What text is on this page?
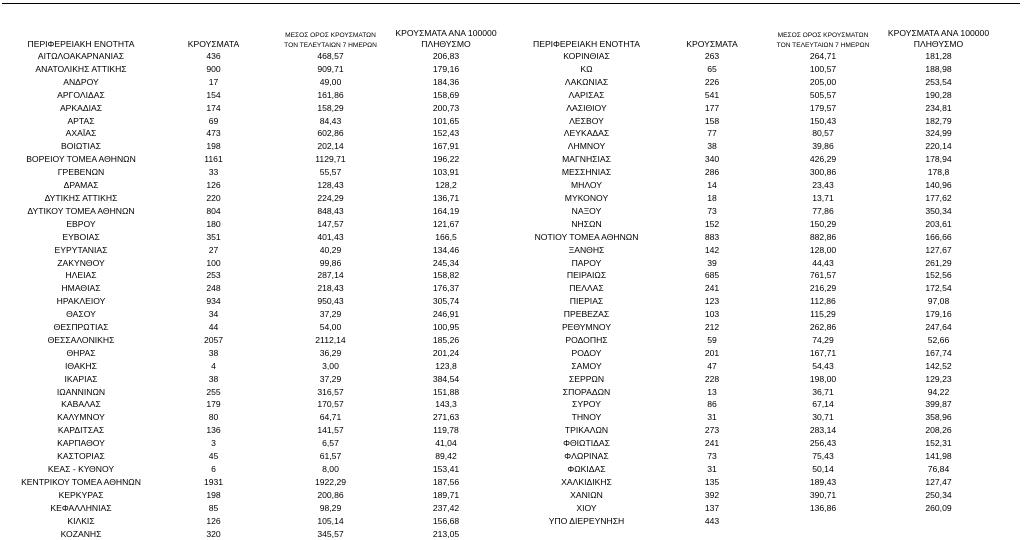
ΠΕΡΙΦΕΡΕΙΑΚΗ ΕΝΟΤΗΤΑ	ΚΡΟΥΣΜΑΤΑ	ΜΕΣΟΣ ΟΡΟΣ ΚΡΟΥΣΜΑΤΩΝ
ΤΟΝ ΤΕΛΕΥΤΑΙΩΝ 7 ΗΜΕΡΩΝ	ΚΡΟΥΣΜΑΤΑ ΑΝΑ 100000
ΠΛΗΘΥΣΜΟ
ΑΙΤΩΛΟΑΚΑΡΝΑΝΙΑΣ	436	468,57	206,83
ΑΝΑΤΟΛΙΚΗΣ ΑΤΤΙΚΗΣ	900	909,71	179,16
ΑΝΔΡΟΥ	17	49,00	184,36
ΑΡΓΟΛΙΔΑΣ	154	161,86	158,69
ΑΡΚΑΔΙΑΣ	174	158,29	200,73
ΑΡΤΑΣ	69	84,43	101,65
ΑΧΑΪΑΣ	473	602,86	152,43
ΒΟΙΩΤΙΑΣ	198	202,14	167,91
ΒΟΡΕΙΟΥ ΤΟΜΕΑ ΑΘΗΝΩΝ	1161	1129,71	196,22
ΓΡΕΒΕΝΩΝ	33	55,57	103,91
ΔΡΑΜΑΣ	126	128,43	128,2
ΔΥΤΙΚΗΣ ΑΤΤΙΚΗΣ	220	224,29	136,71
ΔΥΤΙΚΟΥ ΤΟΜΕΑ ΑΘΗΝΩΝ	804	848,43	164,19
ΕΒΡΟΥ	180	147,57	121,67
ΕΥΒΟΙΑΣ	351	401,43	166,5
ΕΥΡΥΤΑΝΙΑΣ	27	40,29	134,46
ΖΑΚΥΝΘΟΥ	100	99,86	245,34
ΗΛΕΙΑΣ	253	287,14	158,82
ΗΜΑΘΙΑΣ	248	218,43	176,37
ΗΡΑΚΛΕΙΟΥ	934	950,43	305,74
ΘΑΣΟΥ	34	37,29	246,91
ΘΕΣΠΡΩΤΙΑΣ	44	54,00	100,95
ΘΕΣΣΑΛΟΝΙΚΗΣ	2057	2112,14	185,26
ΘΗΡΑΣ	38	36,29	201,24
ΙΘΑΚΗΣ	4	3,00	123,8
ΙΚΑΡΙΑΣ	38	37,29	384,54
ΙΩΑΝΝΙΝΩΝ	255	316,57	151,88
ΚΑΒΑΛΑΣ	179	170,57	143,3
ΚΑΛΥΜΝΟΥ	80	64,71	271,63
ΚΑΡΔΙΤΣΑΣ	136	141,57	119,78
ΚΑΡΠΑΘΟΥ	3	6,57	41,04
ΚΑΣΤΟΡΙΑΣ	45	61,57	89,42
ΚΕΑΣ - ΚΥΘΝΟΥ	6	8,00	153,41
ΚΕΝΤΡΙΚΟΥ ΤΟΜΕΑ ΑΘΗΝΩΝ	1931	1922,29	187,56
ΚΕΡΚΥΡΑΣ	198	200,86	189,71
ΚΕΦΑΛΛΗΝΙΑΣ	85	98,29	237,42
ΚΙΛΚΙΣ	126	105,14	156,68
ΚΟΖΑΝΗΣ	320	345,57	213,05
ΠΕΡΙΦΕΡΕΙΑΚΗ ΕΝΟΤΗΤΑ	ΚΡΟΥΣΜΑΤΑ	ΜΕΣΟΣ ΟΡΟΣ ΚΡΟΥΣΜΑΤΩΝ
ΤΟΝ ΤΕΛΕΥΤΑΙΩΝ 7 ΗΜΕΡΩΝ	ΚΡΟΥΣΜΑΤΑ ΑΝΑ 100000
ΠΛΗΘΥΣΜΟ
ΚΟΡΙΝΘΙΑΣ	263	264,71	181,28
ΚΩ	65	100,57	188,98
ΛΑΚΩΝΙΑΣ	226	205,00	253,54
ΛΑΡΙΣΑΣ	541	505,57	190,28
ΛΑΣΙΘΙΟΥ	177	179,57	234,81
ΛΕΣΒΟΥ	158	150,43	182,79
ΛΕΥΚΑΔΑΣ	77	80,57	324,99
ΛΗΜΝΟΥ	38	39,86	220,14
ΜΑΓΝΗΣΙΑΣ	340	426,29	178,94
ΜΕΣΣΗΝΙΑΣ	286	300,86	178,8
ΜΗΛΟΥ	14	23,43	140,96
ΜΥΚΟΝΟΥ	18	13,71	177,62
ΝΑΞΟΥ	73	77,86	350,34
ΝΗΣΩΝ	152	150,29	203,61
ΝΟΤΙΟΥ ΤΟΜΕΑ ΑΘΗΝΩΝ	883	882,86	166,66
ΞΑΝΘΗΣ	142	128,00	127,67
ΠΑΡΟΥ	39	44,43	261,29
ΠΕΙΡΑΙΩΣ	685	761,57	152,56
ΠΕΛΛΑΣ	241	216,29	172,54
ΠΙΕΡΙΑΣ	123	112,86	97,08
ΠΡΕΒΕΖΑΣ	103	115,29	179,16
ΡΕΘΥΜΝΟΥ	212	262,86	247,64
ΡΟΔΟΠΗΣ	59	74,29	52,66
ΡΟΔΟΥ	201	167,71	167,74
ΣΑΜΟΥ	47	54,43	142,52
ΣΕΡΡΩΝ	228	198,00	129,23
ΣΠΟΡΑΔΩΝ	13	36,71	94,22
ΣΥΡΟΥ	86	67,14	399,87
ΤΗΝΟΥ	31	30,71	358,96
ΤΡΙΚΑΛΩΝ	273	283,14	208,26
ΦΘΙΩΤΙΔΑΣ	241	256,43	152,31
ΦΛΩΡΙΝΑΣ	73	75,43	141,98
ΦΩΚΙΔΑΣ	31	50,14	76,84
ΧΑΛΚΙΔΙΚΗΣ	135	189,43	127,47
ΧΑΝΙΩΝ	392	390,71	250,34
ΧΙΟΥ	137	136,86	260,09
ΥΠΟ ΔΙΕΡΕΥΝΗΣΗ	443		
